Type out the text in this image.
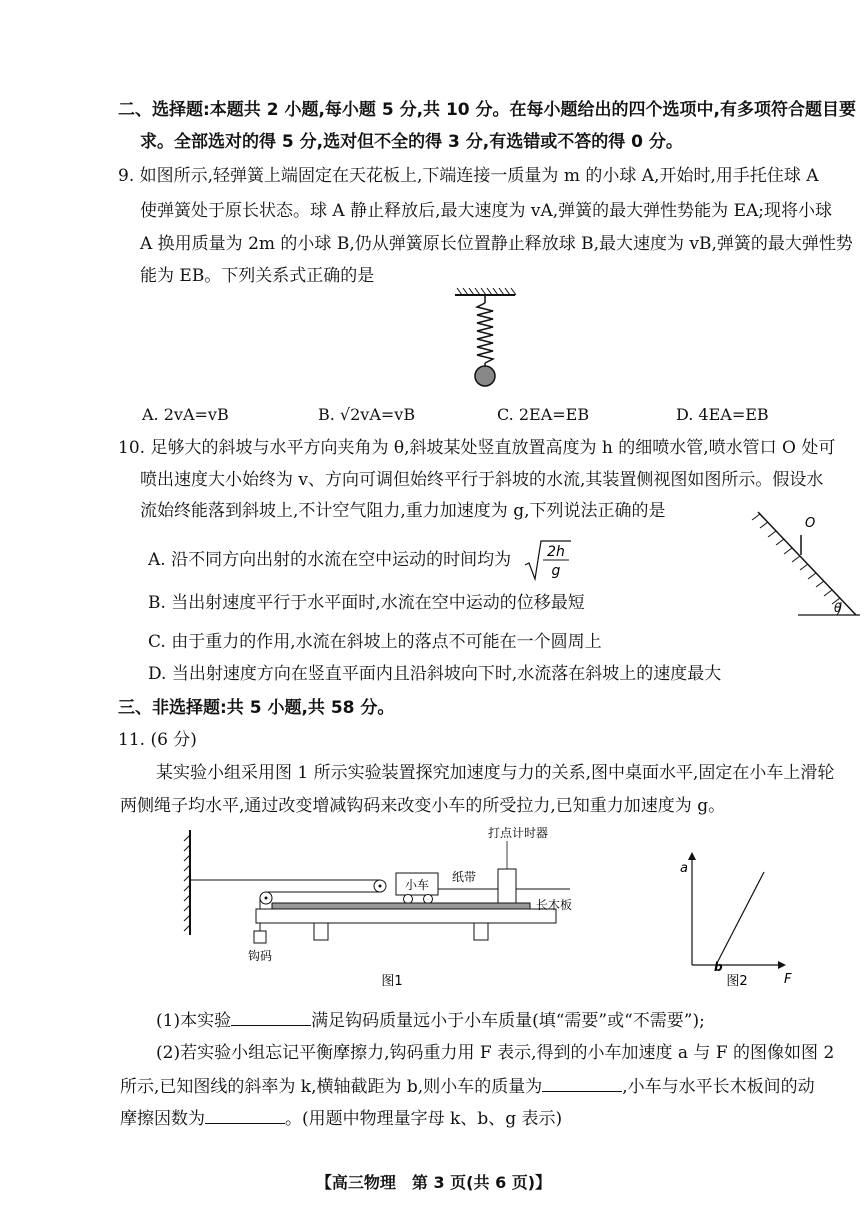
二、选择题:本题共 2 小题,每小题 5 分,共 10 分。在每小题给出的四个选项中,有多项符合题目要
求。全部选对的得 5 分,选对但不全的得 3 分,有选错或不答的得 0 分。
9. 如图所示,轻弹簧上端固定在天花板上,下端连接一质量为 m 的小球 A,开始时,用手托住球 A
使弹簧处于原长状态。球 A 静止释放后,最大速度为 vA,弹簧的最大弹性势能为 EA;现将小球
A 换用质量为 2m 的小球 B,仍从弹簧原长位置静止释放球 B,最大速度为 vB,弹簧的最大弹性势
能为 EB。下列关系式正确的是
A. 2vA=vB	B. √2vA=vB	C. 2EA=EB	D. 4EA=EB
10. 足够大的斜坡与水平方向夹角为 θ,斜坡某处竖直放置高度为 h 的细喷水管,喷水管口 O 处可
喷出速度大小始终为 v、方向可调但始终平行于斜坡的水流,其装置侧视图如图所示。假设水
流始终能落到斜坡上,不计空气阻力,重力加速度为 g,下列说法正确的是
A. 沿不同方向出射的水流在空中运动的时间均为	2h
g
B. 当出射速度平行于水平面时,水流在空中运动的位移最短
C. 由于重力的作用,水流在斜坡上的落点不可能在一个圆周上
D. 当出射速度方向在竖直平面内且沿斜坡向下时,水流落在斜坡上的速度最大
O
θ
三、非选择题:共 5 小题,共 58 分。
11. (6 分)
某实验小组采用图 1 所示实验装置探究加速度与力的关系,图中桌面水平,固定在小车上滑轮
两侧绳子均水平,通过改变增减钩码来改变小车的所受拉力,已知重力加速度为 g。
小车
纸带
打点计时器
长木板
钩码
图1
a
F
b
图2
(1)本实验	满足钩码质量远小于小车质量(填“需要”或“不需要”);
(2)若实验小组忘记平衡摩擦力,钩码重力用 F 表示,得到的小车加速度 a 与 F 的图像如图 2
所示,已知图线的斜率为 k,横轴截距为 b,则小车的质量为	,小车与水平长木板间的动
摩擦因数为	。(用题中物理量字母 k、b、g 表示)
【高三物理　第 3 页(共 6 页)】
